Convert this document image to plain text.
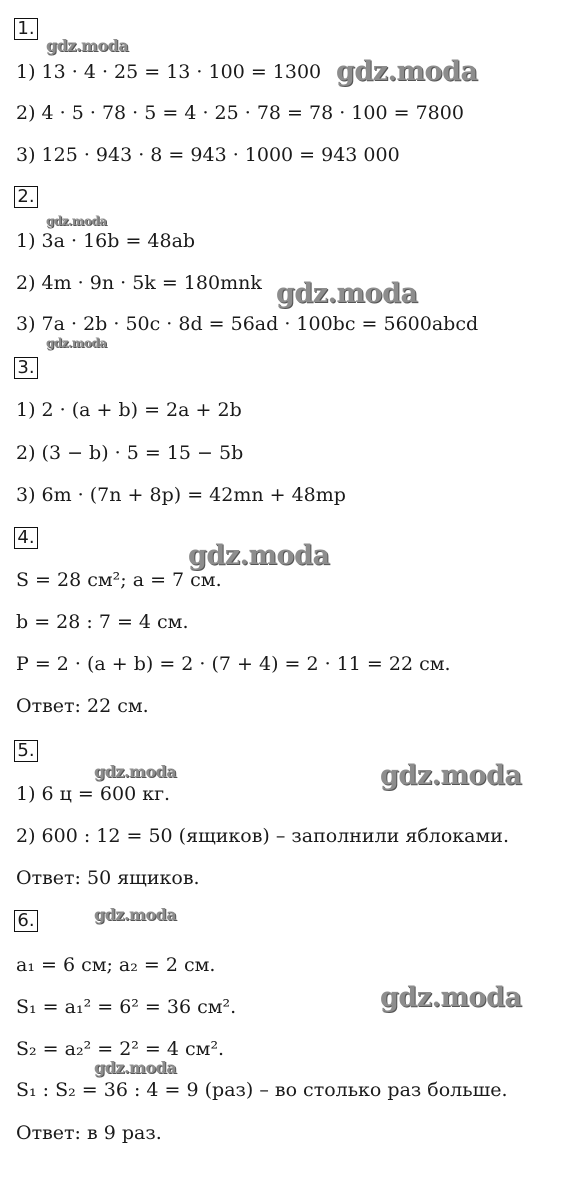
1.
1) 13 · 4 · 25 = 13 · 100 = 1300
2) 4 · 5 · 78 · 5 = 4 · 25 · 78 = 78 · 100 = 7800
3) 125 · 943 · 8 = 943 · 1000 = 943 000
2.
1) 3a · 16b = 48ab
2) 4m · 9n · 5k = 180mnk
3) 7a · 2b · 50c · 8d = 56ad · 100bc = 5600abcd
3.
1) 2 · (a + b) = 2a + 2b
2) (3 − b) · 5 = 15 − 5b
3) 6m · (7n + 8p) = 42mn + 48mp
4.
S = 28 см²; a = 7 см.
b = 28 : 7 = 4 см.
P = 2 · (a + b) = 2 · (7 + 4) = 2 · 11 = 22 см.
Ответ: 22 см.
5.
1) 6 ц = 600 кг.
2) 600 : 12 = 50 (ящиков) – заполнили яблоками.
Ответ: 50 ящиков.
6.
a₁ = 6 см; a₂ = 2 см.
S₁ = a₁² = 6² = 36 см².
S₂ = a₂² = 2² = 4 см².
S₁ : S₂ = 36 : 4 = 9 (раз) – во столько раз больше.
Ответ: в 9 раз.
gdz.moda
gdz.moda
gdz.moda
gdz.moda
gdz.moda
gdz.moda
gdz.moda	gdz.moda
gdz.moda
gdz.moda
gdz.moda
